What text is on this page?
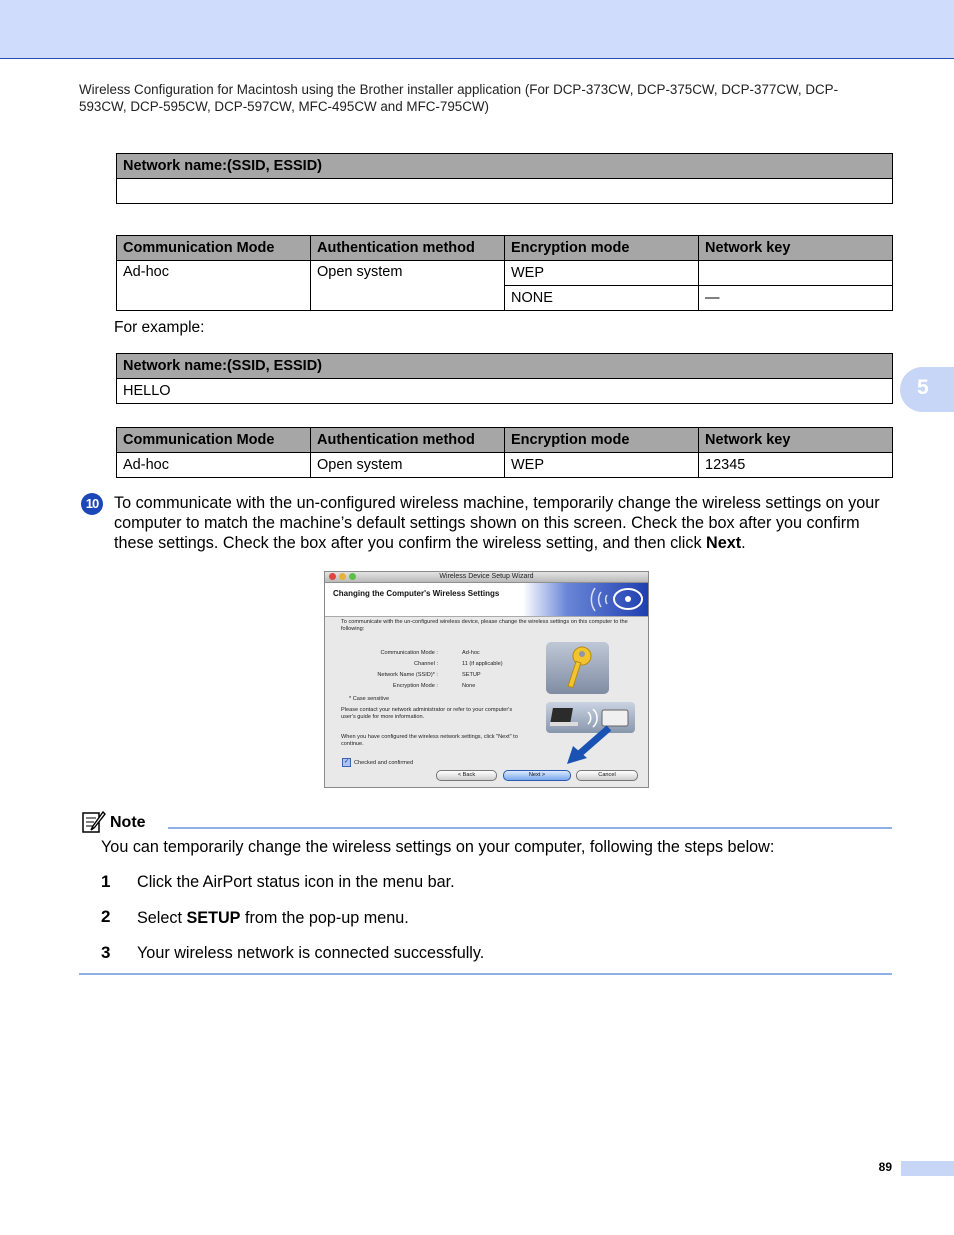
Wireless Configuration for Macintosh using the Brother installer application (For DCP-373CW, DCP-375CW, DCP-377CW, DCP-593CW, DCP-595CW, DCP-597CW, MFC-495CW and MFC-795CW)
5
Network name:(SSID, ESSID)

Communication Mode	Authentication method	Encryption mode	Network key
Ad-hoc	Open system	WEP	
		NONE	—
For example:
Network name:(SSID, ESSID)
HELLO
Communication Mode	Authentication method	Encryption mode	Network key
Ad-hoc	Open system	WEP	12345
10 To communicate with the un-configured wireless machine, temporarily change the wireless settings on your computer to match the machine’s default settings shown on this screen. Check the box after you confirm these settings. Check the box after you confirm the wireless setting, and then click Next.
Wireless Device Setup Wizard
Changing the Computer's Wireless Settings
To communicate with the un-configured wireless device, please change the wireless settings on this computer to the following:
Communication Mode :	Ad-hoc
Channel :	11 (if applicable)
Network Name (SSID)* :	SETUP
Encryption Mode :	None
* Case sensitive
Please contact your network administrator or refer to your computer's user's guide for more information.
When you have configured the wireless network settings, click "Next" to continue.
✓ Checked and confirmed
< Back	Next >	Cancel
Note
You can temporarily change the wireless settings on your computer, following the steps below:
1 Click the AirPort status icon in the menu bar.
2 Select SETUP from the pop-up menu.
3 Your wireless network is connected successfully.
89
